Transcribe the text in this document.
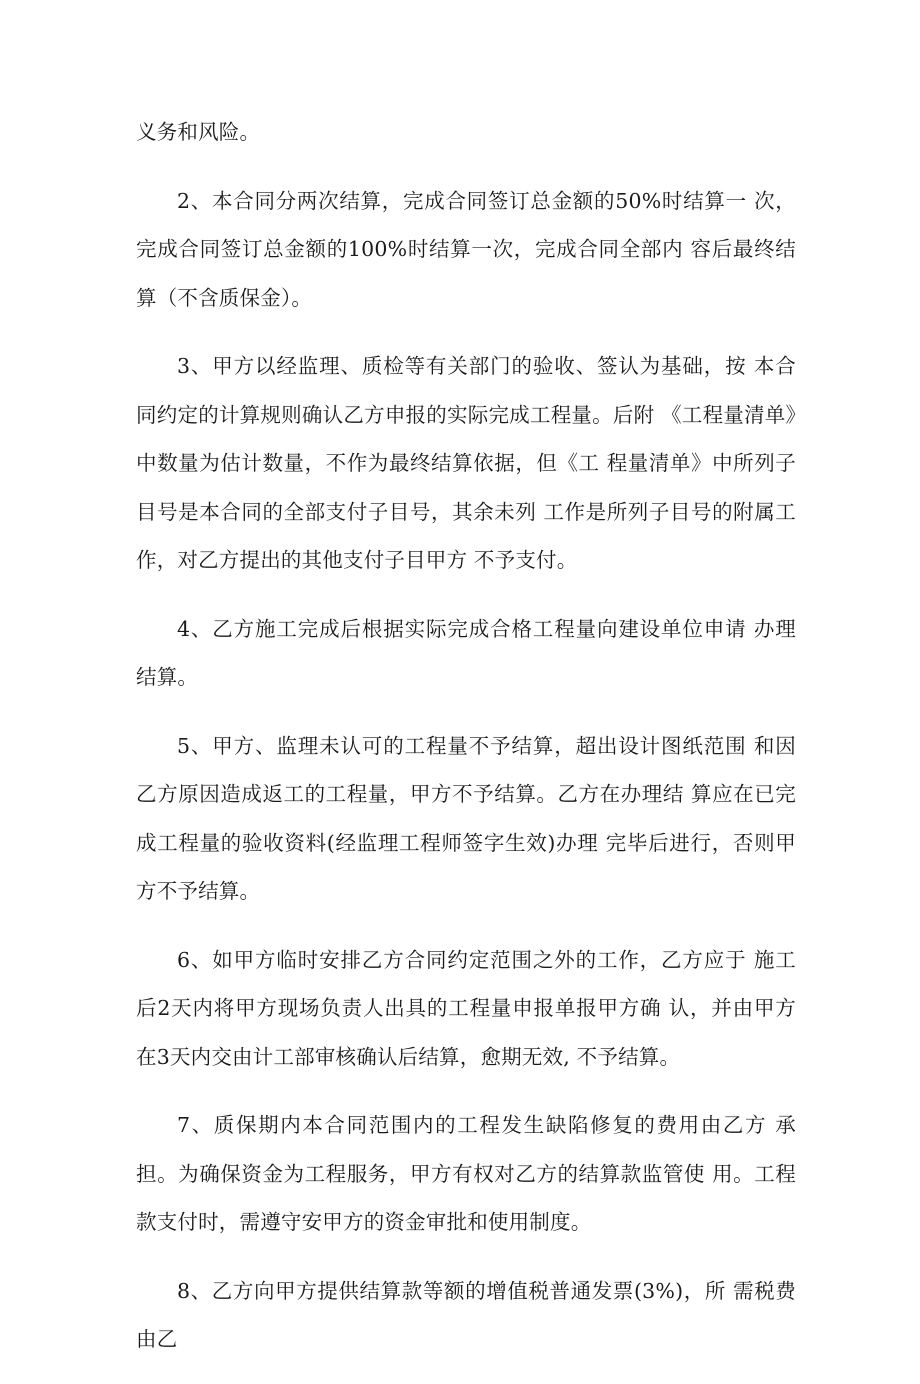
义务和风险。

2、本合同分两次结算，完成合同签订总金额的50%时结算一 次，完成合同签订总金额的100%时结算一次，完成合同全部内 容后最终结算（不含质保金）。

3、甲方以经监理、质检等有关部门的验收、签认为基础，按 本合同约定的计算规则确认乙方申报的实际完成工程量。后附 《工程量清单》中数量为估计数量，不作为最终结算依据，但《工 程量清单》中所列子目号是本合同的全部支付子目号，其余未列 工作是所列子目号的附属工作，对乙方提出的其他支付子目甲方 不予支付。

4、乙方施工完成后根据实际完成合格工程量向建设单位申请 办理结算。

5、甲方、监理未认可的工程量不予结算，超出设计图纸范围 和因乙方原因造成返工的工程量，甲方不予结算。乙方在办理结 算应在已完成工程量的验收资料(经监理工程师签字生效)办理 完毕后进行，否则甲方不予结算。

6、如甲方临时安排乙方合同约定范围之外的工作，乙方应于 施工后2天内将甲方现场负责人出具的工程量申报单报甲方确 认，并由甲方在3天内交由计工部审核确认后结算，愈期无效, 不予结算。

7、质保期内本合同范围内的工程发生缺陷修复的费用由乙方 承担。为确保资金为工程服务，甲方有权对乙方的结算款监管使 用。工程款支付时，需遵守安甲方的资金审批和使用制度。

8、乙方向甲方提供结算款等额的增值税普通发票(3%)，所 需税费由乙
